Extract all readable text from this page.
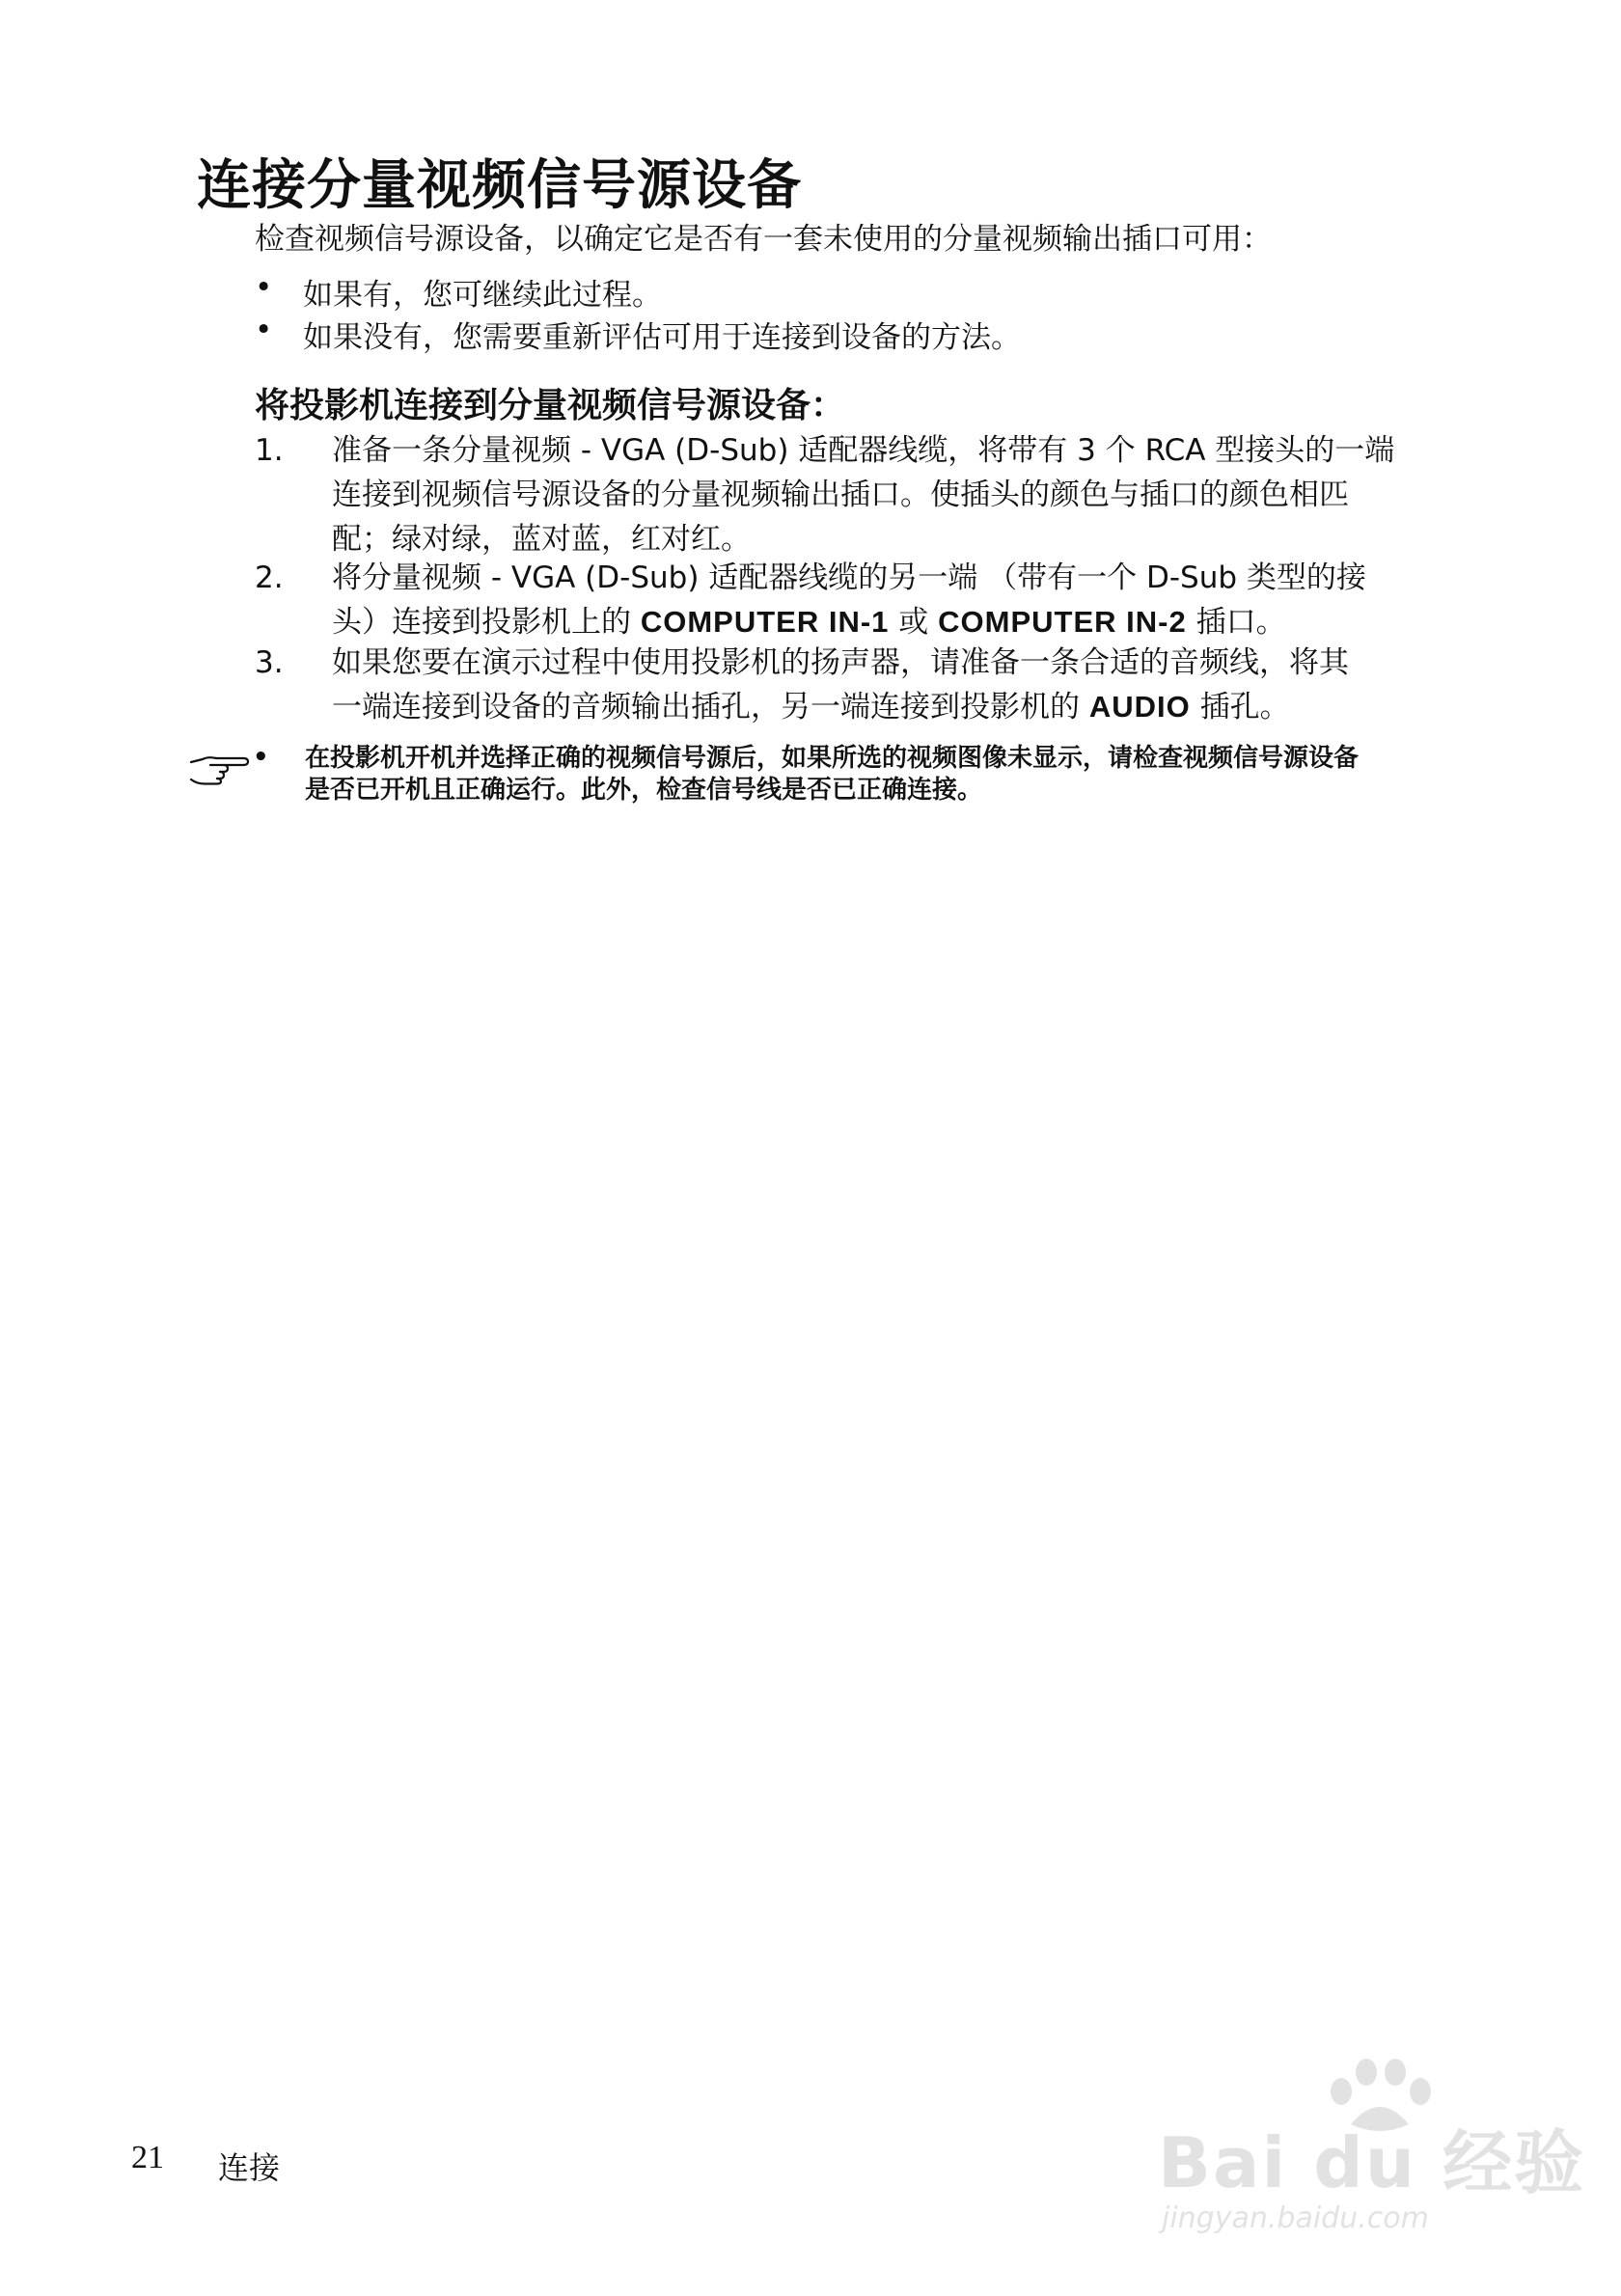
连接分量视频信号源设备
检查视频信号源设备，以确定它是否有一套未使用的分量视频输出插口可用：
•	如果有，您可继续此过程。
•	如果没有，您需要重新评估可用于连接到设备的方法。
将投影机连接到分量视频信号源设备：
1.	准备一条分量视频 - VGA (D-Sub) 适配器线缆，将带有 3 个 RCA 型接头的一端
连接到视频信号源设备的分量视频输出插口。使插头的颜色与插口的颜色相匹
配；绿对绿，蓝对蓝，红对红。
2.	将分量视频 - VGA (D-Sub) 适配器线缆的另一端 （带有一个 D-Sub 类型的接
头）连接到投影机上的 COMPUTER IN-1 或 COMPUTER IN-2 插口。
3.	如果您要在演示过程中使用投影机的扬声器，请准备一条合适的音频线，将其
一端连接到设备的音频输出插孔，另一端连接到投影机的 AUDIO 插孔。
• 在投影机开机并选择正确的视频信号源后，如果所选的视频图像未显示，请检查视频信号源设备
是否已开机且正确运行。此外，检查信号线是否已正确连接。
21 连接	Bai du 经验
jingyan.baidu.com
